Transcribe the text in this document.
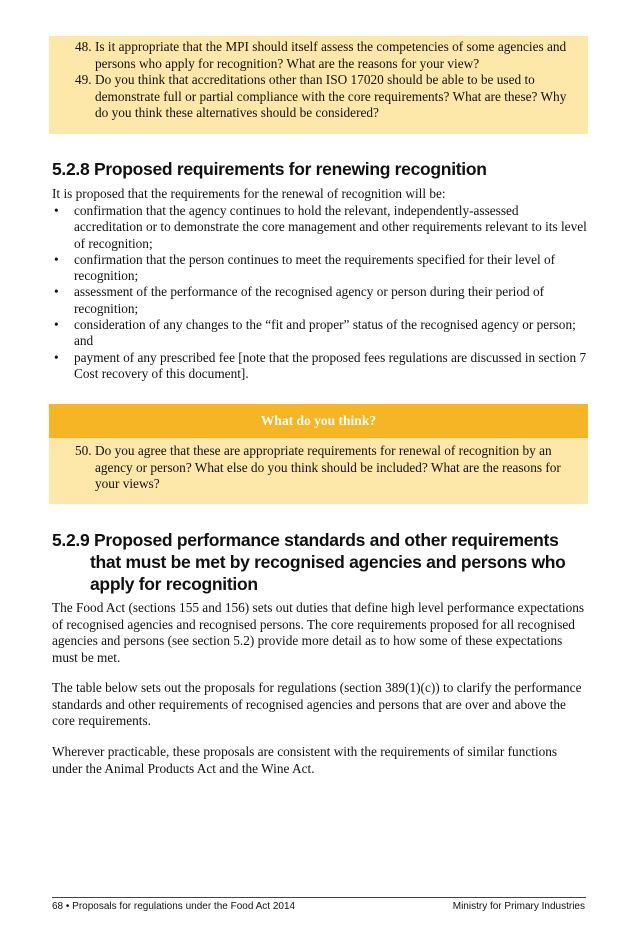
48. Is it appropriate that the MPI should itself assess the competencies of some agencies and persons who apply for recognition? What are the reasons for your view?
49. Do you think that accreditations other than ISO 17020 should be able to be used to demonstrate full or partial compliance with the core requirements? What are these? Why do you think these alternatives should be considered?
5.2.8 Proposed requirements for renewing recognition

It is proposed that the requirements for the renewal of recognition will be:

• confirmation that the agency continues to hold the relevant, independently-assessed accreditation or to demonstrate the core management and other requirements relevant to its level of recognition;
• confirmation that the person continues to meet the requirements specified for their level of recognition;
• assessment of the performance of the recognised agency or person during their period of recognition;
• consideration of any changes to the “fit and proper” status of the recognised agency or person; and
• payment of any prescribed fee [note that the proposed fees regulations are discussed in section 7 Cost recovery of this document].
What do you think?
50. Do you agree that these are appropriate requirements for renewal of recognition by an agency or person? What else do you think should be included? What are the reasons for your views?
5.2.9 Proposed performance standards and other requirements that must be met by recognised agencies and persons who apply for recognition

The Food Act (sections 155 and 156) sets out duties that define high level performance expectations of recognised agencies and recognised persons. The core requirements proposed for all recognised agencies and persons (see section 5.2) provide more detail as to how some of these expectations must be met.

The table below sets out the proposals for regulations (section 389(1)(c)) to clarify the performance standards and other requirements of recognised agencies and persons that are over and above the core requirements.

Wherever practicable, these proposals are consistent with the requirements of similar functions under the Animal Products Act and the Wine Act.

68 • Proposals for regulations under the Food Act 2014	Ministry for Primary Industries
